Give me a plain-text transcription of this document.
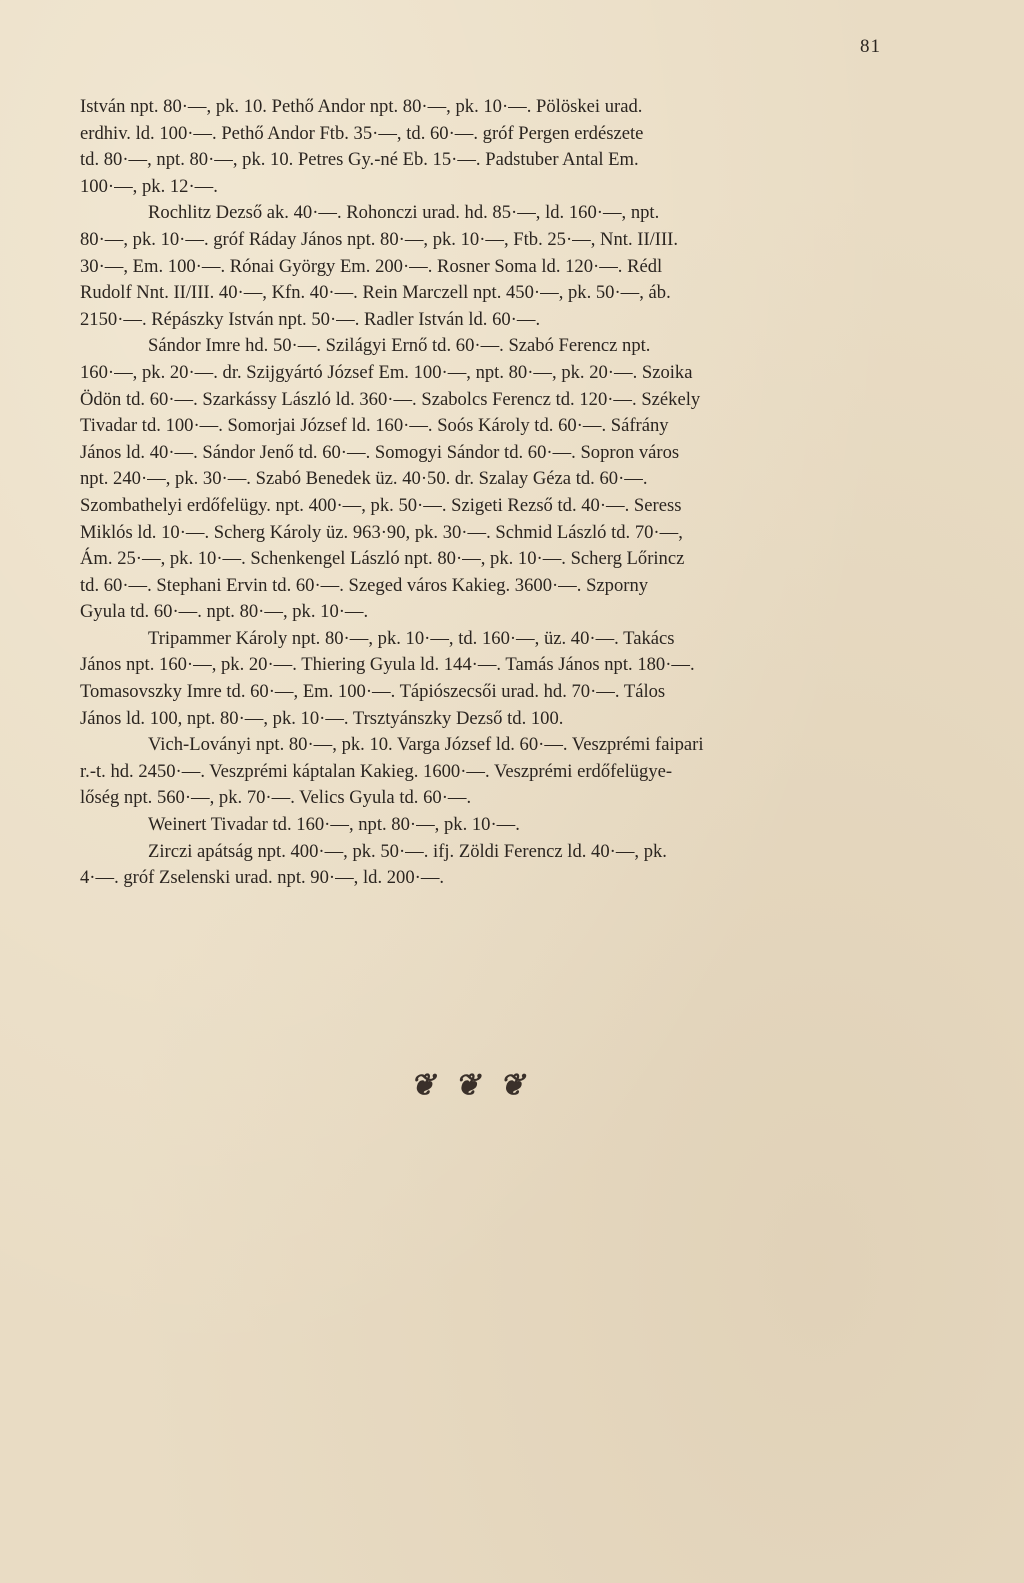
81
István npt. 80·—, pk. 10. Pethő Andor npt. 80·—, pk. 10·—. Pölöskei urad.
erdhiv. ld. 100·—. Pethő Andor Ftb. 35·—, td. 60·—. gróf Pergen erdészete
td. 80·—, npt. 80·—, pk. 10. Petres Gy.-né Eb. 15·—. Padstuber Antal Em.
100·—, pk. 12·—.
Rochlitz Dezső ak. 40·—. Rohonczi urad. hd. 85·—, ld. 160·—, npt.
80·—, pk. 10·—. gróf Ráday János npt. 80·—, pk. 10·—, Ftb. 25·—, Nnt. II/III.
30·—, Em. 100·—. Rónai György Em. 200·—. Rosner Soma ld. 120·—. Rédl
Rudolf Nnt. II/III. 40·—, Kfn. 40·—. Rein Marczell npt. 450·—, pk. 50·—, áb.
2150·—. Répászky István npt. 50·—. Radler István ld. 60·—.
Sándor Imre hd. 50·—. Szilágyi Ernő td. 60·—. Szabó Ferencz npt.
160·—, pk. 20·—. dr. Szijgyártó József Em. 100·—, npt. 80·—, pk. 20·—. Szoika
Ödön td. 60·—. Szarkássy László ld. 360·—. Szabolcs Ferencz td. 120·—. Székely
Tivadar td. 100·—. Somorjai József ld. 160·—. Soós Károly td. 60·—. Sáfrány
János ld. 40·—. Sándor Jenő td. 60·—. Somogyi Sándor td. 60·—. Sopron város
npt. 240·—, pk. 30·—. Szabó Benedek üz. 40·50. dr. Szalay Géza td. 60·—.
Szombathelyi erdőfelügy. npt. 400·—, pk. 50·—. Szigeti Rezső td. 40·—. Seress
Miklós ld. 10·—. Scherg Károly üz. 963·90, pk. 30·—. Schmid László td. 70·—,
Ám. 25·—, pk. 10·—. Schenkengel László npt. 80·—, pk. 10·—. Scherg Lőrincz
td. 60·—. Stephani Ervin td. 60·—. Szeged város Kakieg. 3600·—. Szporny
Gyula td. 60·—. npt. 80·—, pk. 10·—.
Tripammer Károly npt. 80·—, pk. 10·—, td. 160·—, üz. 40·—. Takács
János npt. 160·—, pk. 20·—. Thiering Gyula ld. 144·—. Tamás János npt. 180·—.
Tomasovszky Imre td. 60·—, Em. 100·—. Tápiószecsői urad. hd. 70·—. Tálos
János ld. 100, npt. 80·—, pk. 10·—. Trsztyánszky Dezső td. 100.
Vich-Loványi npt. 80·—, pk. 10. Varga József ld. 60·—. Veszprémi faipari
r.-t. hd. 2450·—. Veszprémi káptalan Kakieg. 1600·—. Veszprémi erdőfelügye-
lőség npt. 560·—, pk. 70·—. Velics Gyula td. 60·—.
Weinert Tivadar td. 160·—, npt. 80·—, pk. 10·—.
Zirczi apátság npt. 400·—, pk. 50·—. ifj. Zöldi Ferencz ld. 40·—, pk.
4·—. gróf Zselenski urad. npt. 90·—, ld. 200·—.
❦ ❦ ❦
